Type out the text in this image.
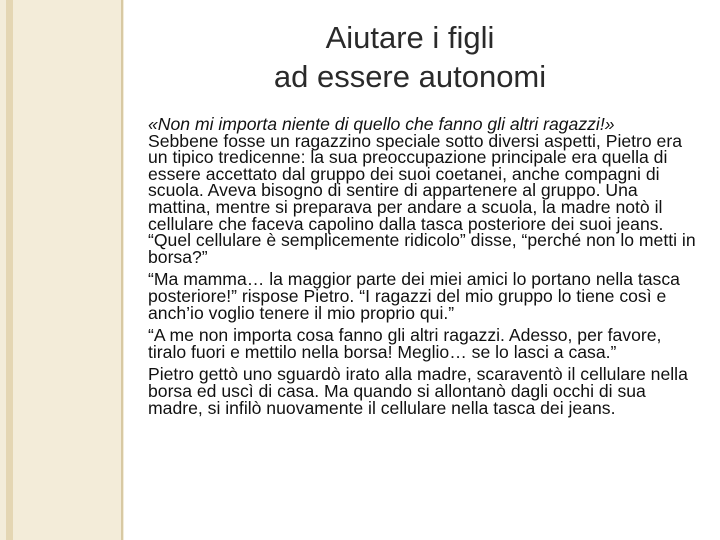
Aiutare i figli
ad essere autonomi
«Non mi importa niente di quello che fanno gli altri ragazzi!»
Sebbene fosse un ragazzino speciale sotto diversi aspetti, Pietro era un tipico tredicenne: la sua preoccupazione principale era quella di essere accettato dal gruppo dei suoi coetanei, anche compagni di scuola. Aveva bisogno di sentire di appartenere al gruppo. Una mattina, mentre si preparava per andare a scuola, la madre notò il cellulare che faceva capolino dalla tasca posteriore dei suoi jeans. “Quel cellulare è semplicemente ridicolo” disse, “perché non lo metti in borsa?”
“Ma mamma… la maggior parte dei miei amici lo portano nella tasca posteriore!” rispose Pietro. “I ragazzi del mio gruppo lo tiene così e anch’io voglio tenere il mio proprio qui.”
“A me non importa cosa fanno gli altri ragazzi. Adesso, per favore, tiralo fuori e mettilo nella borsa! Meglio… se lo lasci a casa.”
Pietro gettò uno sguardò irato alla madre, scaraventò il cellulare nella borsa ed uscì di casa. Ma quando si allontanò dagli occhi di sua madre, si infilò nuovamente il cellulare nella tasca dei jeans.
